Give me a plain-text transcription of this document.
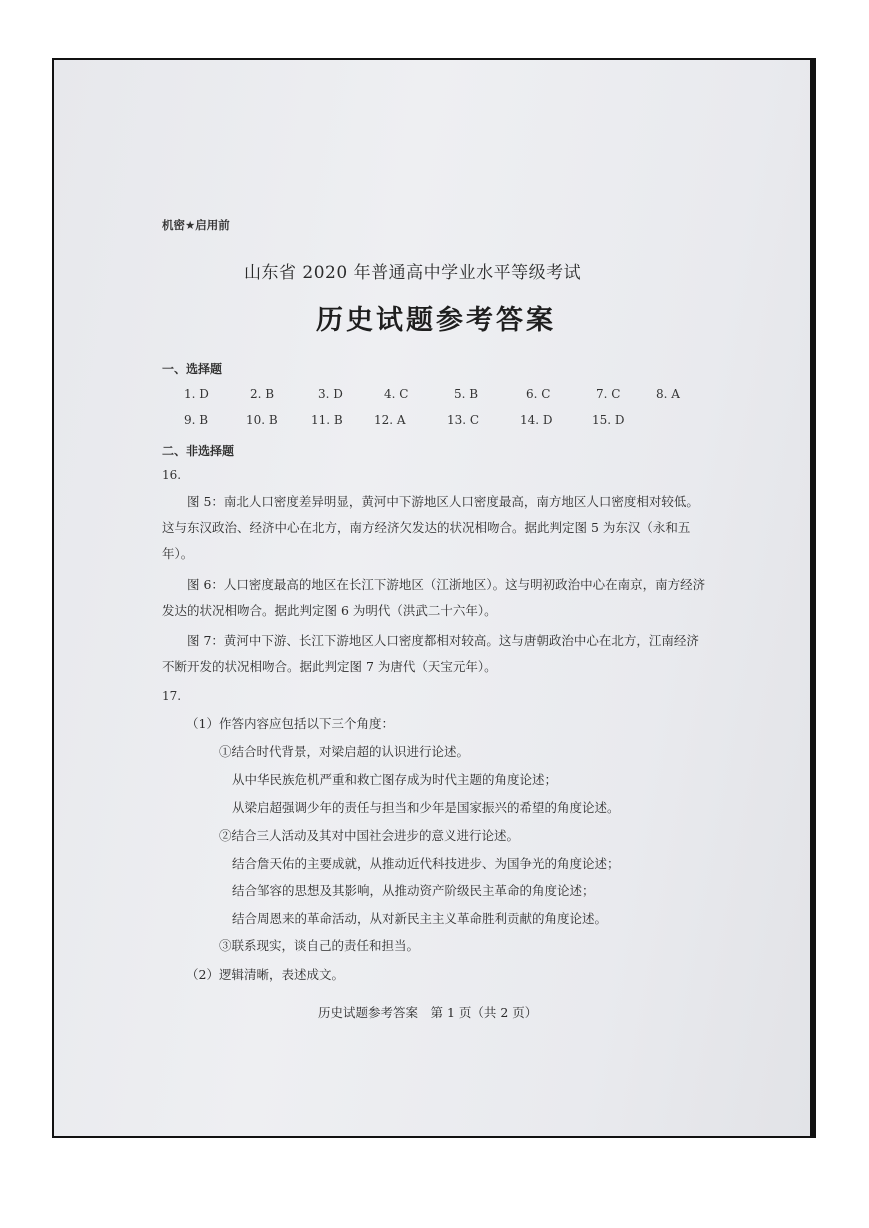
机密★启用前
山东省 2020 年普通高中学业水平等级考试
历史试题参考答案
一、选择题
1. D	2. B	3. D	4. C	5. B	6. C	7. C	8. A
9. B	10. B	11. B	12. A	13. C	14. D	15. D
二、非选择题
16.
图 5：南北人口密度差异明显，黄河中下游地区人口密度最高，南方地区人口密度相对较低。这与东汉政治、经济中心在北方，南方经济欠发达的状况相吻合。据此判定图 5 为东汉（永和五年）。
图 6：人口密度最高的地区在长江下游地区（江浙地区）。这与明初政治中心在南京，南方经济发达的状况相吻合。据此判定图 6 为明代（洪武二十六年）。
图 7：黄河中下游、长江下游地区人口密度都相对较高。这与唐朝政治中心在北方，江南经济不断开发的状况相吻合。据此判定图 7 为唐代（天宝元年）。
17.
（1）作答内容应包括以下三个角度：
①结合时代背景，对梁启超的认识进行论述。
从中华民族危机严重和救亡图存成为时代主题的角度论述；
从梁启超强调少年的责任与担当和少年是国家振兴的希望的角度论述。
②结合三人活动及其对中国社会进步的意义进行论述。
结合詹天佑的主要成就，从推动近代科技进步、为国争光的角度论述；
结合邹容的思想及其影响，从推动资产阶级民主革命的角度论述；
结合周恩来的革命活动，从对新民主主义革命胜利贡献的角度论述。
③联系现实，谈自己的责任和担当。
（2）逻辑清晰，表述成文。
历史试题参考答案　第 1 页（共 2 页）
